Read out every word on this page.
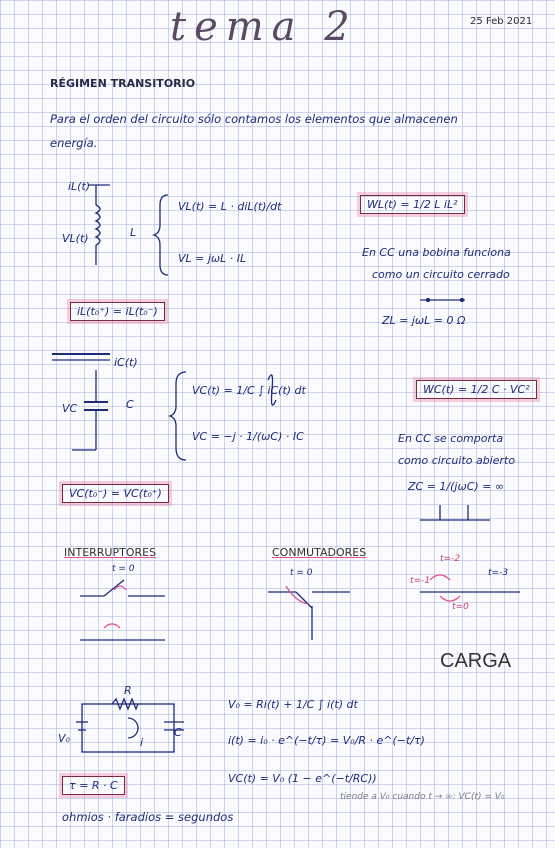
tema 2	25 Feb 2021
RÉGIMEN TRANSITORIO
Para el orden del circuito sólo contamos los elementos que almacenen
energía.
iL(t)
VL(t)	L
VL(t) = L · diL(t)/dt
VL = jωL · IL
WL(t) = 1/2 L iL²
En CC una bobina funciona
como un circuito cerrado
ZL = jωL = 0 Ω
iL(t₀⁺) = iL(t₀⁻)
iC(t)
VC	C
VC(t) = 1/C ∫ iC(t) dt
VC = −j · 1/(ωC) · IC
WC(t) = 1/2 C · VC²
En CC se comporta
como circuito abierto
ZC = 1/(jωC) = ∞
VC(t₀⁻) = VC(t₀⁺)
INTERRUPTORES	CONMUTADORES
t = 0	t = 0
t=-2
t=-1
t=-3
t=0
CARGA
R
C
V₀	i
V₀ = Ri(t) + 1/C ∫ i(t) dt
i(t) = i₀ · e^(−t/τ) = V₀/R · e^(−t/τ)
VC(t) = V₀ (1 − e^(−t/RC))
tiende a V₀ cuando t → ∞: VC(t) = V₀
τ = R · C
ohmios · faradios = segundos
